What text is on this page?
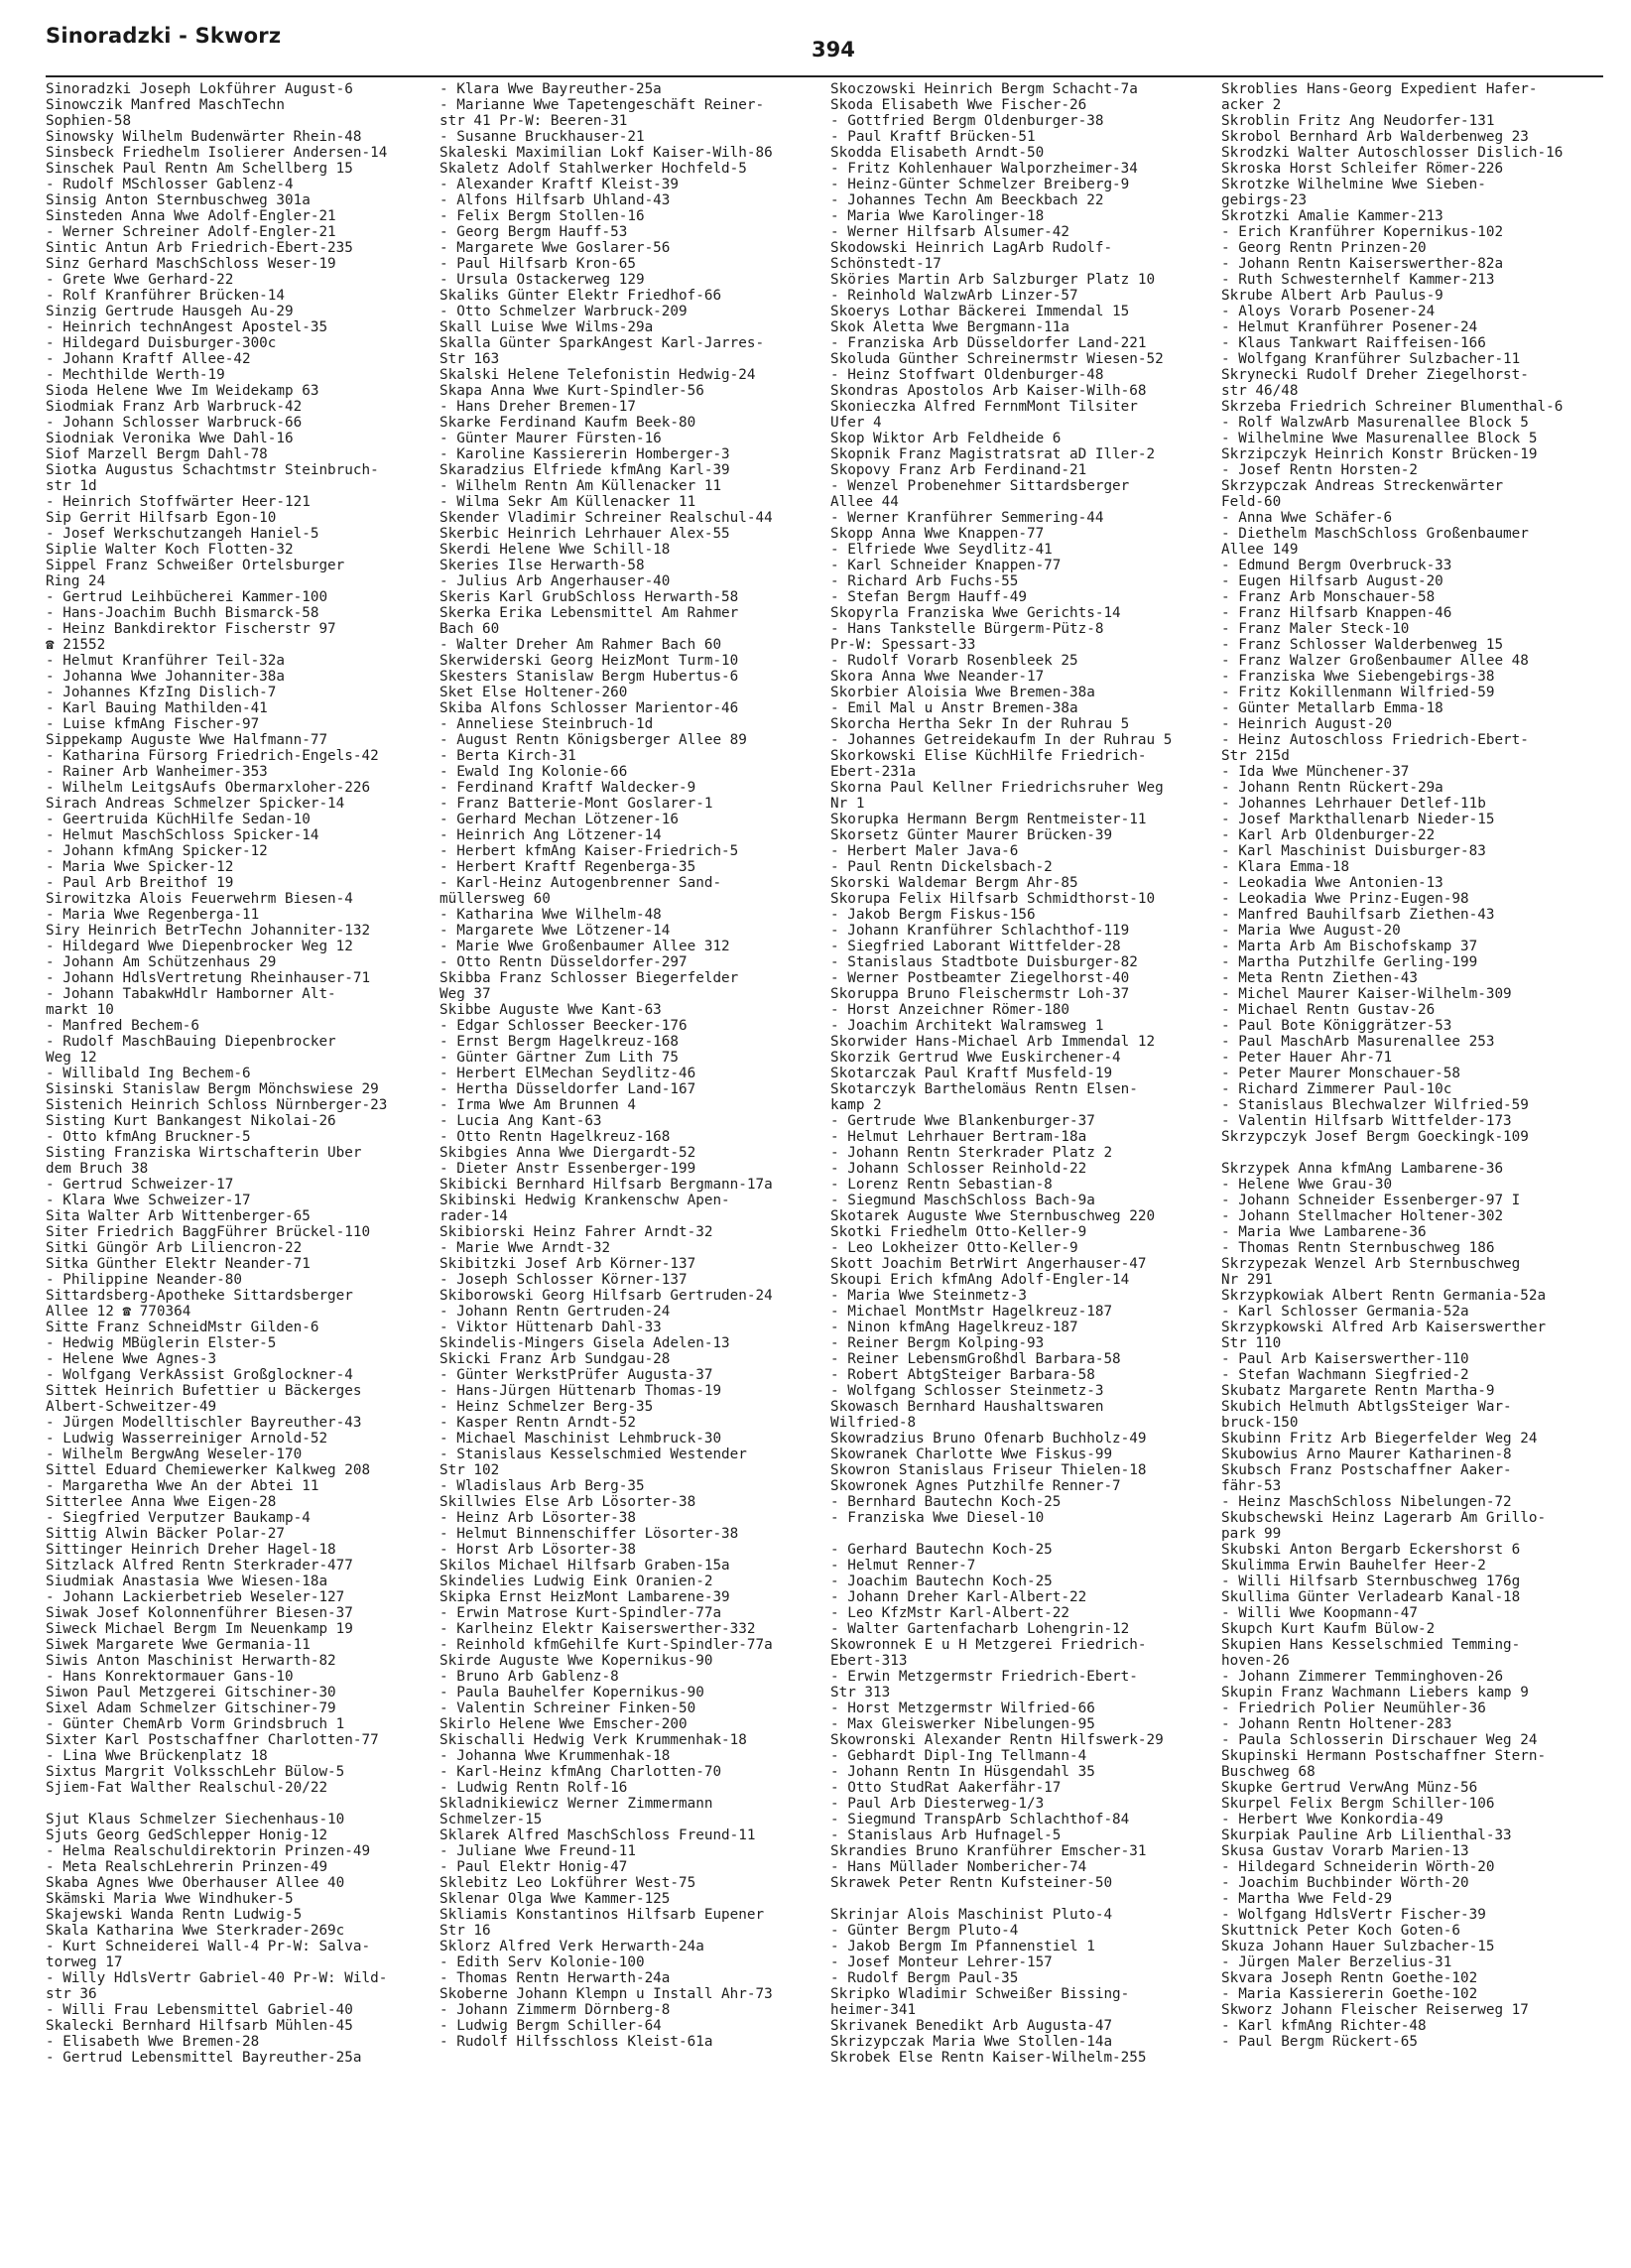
Sinoradzki - Skworz
394
Sinoradzki Joseph Lokführer August-6
Sinowczik Manfred MaschTechn
Sophien-58
Sinowsky Wilhelm Budenwärter Rhein-48
Sinsbeck Friedhelm Isolierer Andersen-14
Sinschek Paul Rentn Am Schellberg 15
- Rudolf MSchlosser Gablenz-4
Sinsig Anton Sternbuschweg 301a
Sinsteden Anna Wwe Adolf-Engler-21
- Werner Schreiner Adolf-Engler-21
Sintic Antun Arb Friedrich-Ebert-235
Sinz Gerhard MaschSchloss Weser-19
- Grete Wwe Gerhard-22
- Rolf Kranführer Brücken-14
Sinzig Gertrude Hausgeh Au-29
- Heinrich technAngest Apostel-35
- Hildegard Duisburger-300c
- Johann Kraftf Allee-42
- Mechthilde Werth-19
Sioda Helene Wwe Im Weidekamp 63
Siodmiak Franz Arb Warbruck-42
- Johann Schlosser Warbruck-66
Siodniak Veronika Wwe Dahl-16
Siof Marzell Bergm Dahl-78
Siotka Augustus Schachtmstr Steinbruch-
str 1d
- Heinrich Stoffwärter Heer-121
Sip Gerrit Hilfsarb Egon-10
- Josef Werkschutzangeh Haniel-5
Siplie Walter Koch Flotten-32
Sippel Franz Schweißer Ortelsburger
Ring 24
- Gertrud Leihbücherei Kammer-100
- Hans-Joachim Buchh Bismarck-58
- Heinz Bankdirektor Fischerstr 97
☎ 21552
- Helmut Kranführer Teil-32a
- Johanna Wwe Johanniter-38a
- Johannes KfzIng Dislich-7
- Karl Bauing Mathilden-41
- Luise kfmAng Fischer-97
Sippekamp Auguste Wwe Halfmann-77
- Katharina Fürsorg Friedrich-Engels-42
- Rainer Arb Wanheimer-353
- Wilhelm LeitgsAufs Obermarxloher-226
Sirach Andreas Schmelzer Spicker-14
- Geertruida KüchHilfe Sedan-10
- Helmut MaschSchloss Spicker-14
- Johann kfmAng Spicker-12
- Maria Wwe Spicker-12
- Paul Arb Breithof 19
Sirowitzka Alois Feuerwehrm Biesen-4
- Maria Wwe Regenberga-11
Siry Heinrich BetrTechn Johanniter-132
- Hildegard Wwe Diepenbrocker Weg 12
- Johann Am Schützenhaus 29
- Johann HdlsVertretung Rheinhauser-71
- Johann TabakwHdlr Hamborner Alt-
markt 10
- Manfred Bechem-6
- Rudolf MaschBauing Diepenbrocker
Weg 12
- Willibald Ing Bechem-6
Sisinski Stanislaw Bergm Mönchswiese 29
Sistenich Heinrich Schloss Nürnberger-23
Sisting Kurt Bankangest Nikolai-26
- Otto kfmAng Bruckner-5
Sisting Franziska Wirtschafterin Über
dem Bruch 38
- Gertrud Schweizer-17
- Klara Wwe Schweizer-17
Sita Walter Arb Wittenberger-65
Siter Friedrich BaggFührer Brückel-110
Sitki Güngör Arb Liliencron-22
Sitka Günther Elektr Neander-71
- Philippine Neander-80
Sittardsberg-Apotheke Sittardsberger
Allee 12 ☎ 770364
Sitte Franz SchneidMstr Gilden-6
- Hedwig MBüglerin Elster-5
- Helene Wwe Agnes-3
- Wolfgang VerkAssist Großglockner-4
Sittek Heinrich Bufettier u Bäckerges
Albert-Schweitzer-49
- Jürgen Modelltischler Bayreuther-43
- Ludwig Wasserreiniger Arnold-52
- Wilhelm BergwAng Weseler-170
Sittel Eduard Chemiewerker Kalkweg 208
- Margaretha Wwe An der Abtei 11
Sitterlee Anna Wwe Eigen-28
- Siegfried Verputzer Baukamp-4
Sittig Alwin Bäcker Polar-27
Sittinger Heinrich Dreher Hagel-18
Sitzlack Alfred Rentn Sterkrader-477
Siudmiak Anastasia Wwe Wiesen-18a
- Johann Lackierbetrieb Weseler-127
Siwak Josef Kolonnenführer Biesen-37
Siweck Michael Bergm Im Neuenkamp 19
Siwek Margarete Wwe Germania-11
Siwis Anton Maschinist Herwarth-82
- Hans Konrektormauer Gans-10
Siwon Paul Metzgerei Gitschiner-30
Sixel Adam Schmelzer Gitschiner-79
- Günter ChemArb Vorm Grindsbruch 1
Sixter Karl Postschaffner Charlotten-77
- Lina Wwe Brückenplatz 18
Sixtus Margrit VolksschLehr Bülow-5
Sjiem-Fat Walther Realschul-20/22
Sjut Klaus Schmelzer Siechenhaus-10
Sjuts Georg GedSchlepper Honig-12
- Helma Realschuldirektorin Prinzen-49
- Meta RealschLehrerin Prinzen-49
Skaba Agnes Wwe Oberhauser Allee 40
Skämski Maria Wwe Windhuker-5
Skajewski Wanda Rentn Ludwig-5
Skala Katharina Wwe Sterkrader-269c
- Kurt Schneiderei Wall-4 Pr-W: Salva-
torweg 17
- Willy HdlsVertr Gabriel-40 Pr-W: Wild-
str 36
- Willi Frau Lebensmittel Gabriel-40
Skalecki Bernhard Hilfsarb Mühlen-45
- Elisabeth Wwe Bremen-28
- Gertrud Lebensmittel Bayreuther-25a
- Klara Wwe Bayreuther-25a
- Marianne Wwe Tapetengeschäft Reiner-
str 41 Pr-W: Beeren-31
- Susanne Bruckhauser-21
Skaleski Maximilian Lokf Kaiser-Wilh-86
Skaletz Adolf Stahlwerker Hochfeld-5
- Alexander Kraftf Kleist-39
- Alfons Hilfsarb Uhland-43
- Felix Bergm Stollen-16
- Georg Bergm Hauff-53
- Margarete Wwe Goslarer-56
- Paul Hilfsarb Kron-65
- Ursula Ostackerweg 129
Skaliks Günter Elektr Friedhof-66
- Otto Schmelzer Warbruck-209
Skall Luise Wwe Wilms-29a
Skalla Günter SparkAngest Karl-Jarres-
Str 163
Skalski Helene Telefonistin Hedwig-24
Skapa Anna Wwe Kurt-Spindler-56
- Hans Dreher Bremen-17
Skarke Ferdinand Kaufm Beek-80
- Günter Maurer Fürsten-16
- Karoline Kassiererin Homberger-3
Skaradzius Elfriede kfmAng Karl-39
- Wilhelm Rentn Am Küllenacker 11
- Wilma Sekr Am Küllenacker 11
Skender Vladimir Schreiner Realschul-44
Skerbic Heinrich Lehrhauer Alex-55
Skerdi Helene Wwe Schill-18
Skeries Ilse Herwarth-58
- Julius Arb Angerhauser-40
Skeris Karl GrubSchloss Herwarth-58
Skerka Erika Lebensmittel Am Rahmer
Bach 60
- Walter Dreher Am Rahmer Bach 60
Skerwiderski Georg HeizMont Turm-10
Skesters Stanislaw Bergm Hubertus-6
Sket Else Holtener-260
Skiba Alfons Schlosser Marientor-46
- Anneliese Steinbruch-1d
- August Rentn Königsberger Allee 89
- Berta Kirch-31
- Ewald Ing Kolonie-66
- Ferdinand Kraftf Waldecker-9
- Franz Batterie-Mont Goslarer-1
- Gerhard Mechan Lötzener-16
- Heinrich Ang Lötzener-14
- Herbert kfmAng Kaiser-Friedrich-5
- Herbert Kraftf Regenberga-35
- Karl-Heinz Autogenbrenner Sand-
müllersweg 60
- Katharina Wwe Wilhelm-48
- Margarete Wwe Lötzener-14
- Marie Wwe Großenbaumer Allee 312
- Otto Rentn Düsseldorfer-297
Skibba Franz Schlosser Biegerfelder
Weg 37
Skibbe Auguste Wwe Kant-63
- Edgar Schlosser Beecker-176
- Ernst Bergm Hagelkreuz-168
- Günter Gärtner Zum Lith 75
- Herbert ElMechan Seydlitz-46
- Hertha Düsseldorfer Land-167
- Irma Wwe Am Brunnen 4
- Lucia Ang Kant-63
- Otto Rentn Hagelkreuz-168
Skibgies Anna Wwe Diergardt-52
- Dieter Anstr Essenberger-199
Skibicki Bernhard Hilfsarb Bergmann-17a
Skibinski Hedwig Krankenschw Apen-
rader-14
Skibiorski Heinz Fahrer Arndt-32
- Marie Wwe Arndt-32
Skibitzki Josef Arb Körner-137
- Joseph Schlosser Körner-137
Skiborowski Georg Hilfsarb Gertruden-24
- Johann Rentn Gertruden-24
- Viktor Hüttenarb Dahl-33
Skindelis-Mingers Gisela Adelen-13
Skicki Franz Arb Sundgau-28
- Günter WerkstPrüfer Augusta-37
- Hans-Jürgen Hüttenarb Thomas-19
- Heinz Schmelzer Berg-35
- Kasper Rentn Arndt-52
- Michael Maschinist Lehmbruck-30
- Stanislaus Kesselschmied Westender
Str 102
- Wladislaus Arb Berg-35
Skillwies Else Arb Lösorter-38
- Heinz Arb Lösorter-38
- Helmut Binnenschiffer Lösorter-38
- Horst Arb Lösorter-38
Skilos Michael Hilfsarb Graben-15a
Skindelies Ludwig Eink Oranien-2
Skipka Ernst HeizMont Lambarene-39
- Erwin Matrose Kurt-Spindler-77a
- Karlheinz Elektr Kaiserswerther-332
- Reinhold kfmGehilfe Kurt-Spindler-77a
Skirde Auguste Wwe Kopernikus-90
- Bruno Arb Gablenz-8
- Paula Bauhelfer Kopernikus-90
- Valentin Schreiner Finken-50
Skirlo Helene Wwe Emscher-200
Skischalli Hedwig Verk Krummenhak-18
- Johanna Wwe Krummenhak-18
- Karl-Heinz kfmAng Charlotten-70
- Ludwig Rentn Rolf-16
Skladnikiewicz Werner Zimmermann
Schmelzer-15
Sklarek Alfred MaschSchloss Freund-11
- Juliane Wwe Freund-11
- Paul Elektr Honig-47
Sklebitz Leo Lokführer West-75
Sklenar Olga Wwe Kammer-125
Skliamis Konstantinos Hilfsarb Eupener
Str 16
Sklorz Alfred Verk Herwarth-24a
- Edith Serv Kolonie-100
- Thomas Rentn Herwarth-24a
Skoberne Johann Klempn u Install Ahr-73
- Johann Zimmerm Dörnberg-8
- Ludwig Bergm Schiller-64
- Rudolf Hilfsschloss Kleist-61a
Skoczowski Heinrich Bergm Schacht-7a
Skoda Elisabeth Wwe Fischer-26
- Gottfried Bergm Oldenburger-38
- Paul Kraftf Brücken-51
Skodda Elisabeth Arndt-50
- Fritz Kohlenhauer Walporzheimer-34
- Heinz-Günter Schmelzer Breiberg-9
- Johannes Techn Am Beeckbach 22
- Maria Wwe Karolinger-18
- Werner Hilfsarb Alsumer-42
Skodowski Heinrich LagArb Rudolf-
Schönstedt-17
Sköries Martin Arb Salzburger Platz 10
- Reinhold WalzwArb Linzer-57
Skoerys Lothar Bäckerei Immendal 15
Skok Aletta Wwe Bergmann-11a
- Franziska Arb Düsseldorfer Land-221
Skoluda Günther Schreinermstr Wiesen-52
- Heinz Stoffwart Oldenburger-48
Skondras Apostolos Arb Kaiser-Wilh-68
Skonieczka Alfred FernmMont Tilsiter
Ufer 4
Skop Wiktor Arb Feldheide 6
Skopnik Franz Magistratsrat aD Iller-2
Skopovy Franz Arb Ferdinand-21
- Wenzel Probenehmer Sittardsberger
Allee 44
- Werner Kranführer Semmering-44
Skopp Anna Wwe Knappen-77
- Elfriede Wwe Seydlitz-41
- Karl Schneider Knappen-77
- Richard Arb Fuchs-55
- Stefan Bergm Hauff-49
Skopyrla Franziska Wwe Gerichts-14
- Hans Tankstelle Bürgerm-Pütz-8
Pr-W: Spessart-33
- Rudolf Vorarb Rosenbleek 25
Skora Anna Wwe Neander-17
Skorbier Aloisia Wwe Bremen-38a
- Emil Mal u Anstr Bremen-38a
Skorcha Hertha Sekr In der Ruhrau 5
- Johannes Getreidekaufm In der Ruhrau 5
Skorkowski Elise KüchHilfe Friedrich-
Ebert-231a
Skorna Paul Kellner Friedrichsruher Weg
Nr 1
Skorupka Hermann Bergm Rentmeister-11
Skorsetz Günter Maurer Brücken-39
- Herbert Maler Java-6
- Paul Rentn Dickelsbach-2
Skorski Waldemar Bergm Ahr-85
Skorupa Felix Hilfsarb Schmidthorst-10
- Jakob Bergm Fiskus-156
- Johann Kranführer Schlachthof-119
- Siegfried Laborant Wittfelder-28
- Stanislaus Stadtbote Duisburger-82
- Werner Postbeamter Ziegelhorst-40
Skoruppa Bruno Fleischermstr Loh-37
- Horst Anzeichner Römer-180
- Joachim Architekt Walramsweg 1
Skorwider Hans-Michael Arb Immendal 12
Skorzik Gertrud Wwe Euskirchener-4
Skotarczak Paul Kraftf Musfeld-19
Skotarczyk Barthelomäus Rentn Elsen-
kamp 2
- Gertrude Wwe Blankenburger-37
- Helmut Lehrhauer Bertram-18a
- Johann Rentn Sterkrader Platz 2
- Johann Schlosser Reinhold-22
- Lorenz Rentn Sebastian-8
- Siegmund MaschSchloss Bach-9a
Skotarek Auguste Wwe Sternbuschweg 220
Skotki Friedhelm Otto-Keller-9
- Leo Lokheizer Otto-Keller-9
Skott Joachim BetrWirt Angerhauser-47
Skoupi Erich kfmAng Adolf-Engler-14
- Maria Wwe Steinmetz-3
- Michael MontMstr Hagelkreuz-187
- Ninon kfmAng Hagelkreuz-187
- Reiner Bergm Kolping-93
- Reiner LebensmGroßhdl Barbara-58
- Robert AbtgSteiger Barbara-58
- Wolfgang Schlosser Steinmetz-3
Skowasch Bernhard Haushaltswaren
Wilfried-8
Skowradzius Bruno Ofenarb Buchholz-49
Skowranek Charlotte Wwe Fiskus-99
Skowron Stanislaus Friseur Thielen-18
Skowronek Agnes Putzhilfe Renner-7
- Bernhard Bautechn Koch-25
- Franziska Wwe Diesel-10
- Gerhard Bautechn Koch-25
- Helmut Renner-7
- Joachim Bautechn Koch-25
- Johann Dreher Karl-Albert-22
- Leo KfzMstr Karl-Albert-22
- Walter Gartenfacharb Lohengrin-12
Skowronnek E u H Metzgerei Friedrich-
Ebert-313
- Erwin Metzgermstr Friedrich-Ebert-
Str 313
- Horst Metzgermstr Wilfried-66
- Max Gleiswerker Nibelungen-95
Skowronski Alexander Rentn Hilfswerk-29
- Gebhardt Dipl-Ing Tellmann-4
- Johann Rentn In Hüsgendahl 35
- Otto StudRat Aakerfähr-17
- Paul Arb Diesterweg-1/3
- Siegmund TranspArb Schlachthof-84
- Stanislaus Arb Hufnagel-5
Skrandies Bruno Kranführer Emscher-31
- Hans Müllader Nombericher-74
Skrawek Peter Rentn Kufsteiner-50
Skrinjar Alois Maschinist Pluto-4
- Günter Bergm Pluto-4
- Jakob Bergm Im Pfannenstiel 1
- Josef Monteur Lehrer-157
- Rudolf Bergm Paul-35
Skripko Wladimir Schweißer Bissing-
heimer-341
Skrivanek Benedikt Arb Augusta-47
Skrizypczak Maria Wwe Stollen-14a
Skrobek Else Rentn Kaiser-Wilhelm-255
Skroblies Hans-Georg Expedient Hafer-
acker 2
Skroblin Fritz Ang Neudorfer-131
Skrobol Bernhard Arb Walderbenweg 23
Skrodzki Walter Autoschlosser Dislich-16
Skroska Horst Schleifer Römer-226
Skrotzke Wilhelmine Wwe Sieben-
gebirgs-23
Skrotzki Amalie Kammer-213
- Erich Kranführer Kopernikus-102
- Georg Rentn Prinzen-20
- Johann Rentn Kaiserswerther-82a
- Ruth Schwesternhelf Kammer-213
Skrube Albert Arb Paulus-9
- Aloys Vorarb Posener-24
- Helmut Kranführer Posener-24
- Klaus Tankwart Raiffeisen-166
- Wolfgang Kranführer Sulzbacher-11
Skrynecki Rudolf Dreher Ziegelhorst-
str 46/48
Skrzeba Friedrich Schreiner Blumenthal-6
- Rolf WalzwArb Masurenallee Block 5
- Wilhelmine Wwe Masurenallee Block 5
Skrzipczyk Heinrich Konstr Brücken-19
- Josef Rentn Horsten-2
Skrzypczak Andreas Streckenwärter
Feld-60
- Anna Wwe Schäfer-6
- Diethelm MaschSchloss Großenbaumer
Allee 149
- Edmund Bergm Overbruck-33
- Eugen Hilfsarb August-20
- Franz Arb Monschauer-58
- Franz Hilfsarb Knappen-46
- Franz Maler Steck-10
- Franz Schlosser Walderbenweg 15
- Franz Walzer Großenbaumer Allee 48
- Franziska Wwe Siebengebirgs-38
- Fritz Kokillenmann Wilfried-59
- Günter Metallarb Emma-18
- Heinrich August-20
- Heinz Autoschloss Friedrich-Ebert-
Str 215d
- Ida Wwe Münchener-37
- Johann Rentn Rückert-29a
- Johannes Lehrhauer Detlef-11b
- Josef Markthallenarb Nieder-15
- Karl Arb Oldenburger-22
- Karl Maschinist Duisburger-83
- Klara Emma-18
- Leokadia Wwe Antonien-13
- Leokadia Wwe Prinz-Eugen-98
- Manfred Bauhilfsarb Ziethen-43
- Maria Wwe August-20
- Marta Arb Am Bischofskamp 37
- Martha Putzhilfe Gerling-199
- Meta Rentn Ziethen-43
- Michel Maurer Kaiser-Wilhelm-309
- Michael Rentn Gustav-26
- Paul Bote Königgrätzer-53
- Paul MaschArb Masurenallee 253
- Peter Hauer Ahr-71
- Peter Maurer Monschauer-58
- Richard Zimmerer Paul-10c
- Stanislaus Blechwalzer Wilfried-59
- Valentin Hilfsarb Wittfelder-173
Skrzypczyk Josef Bergm Goeckingk-109
Skrzypek Anna kfmAng Lambarene-36
- Helene Wwe Grau-30
- Johann Schneider Essenberger-97 I
- Johann Stellmacher Holtener-302
- Maria Wwe Lambarene-36
- Thomas Rentn Sternbuschweg 186
Skrzypezak Wenzel Arb Sternbuschweg
Nr 291
Skrzypkowiak Albert Rentn Germania-52a
- Karl Schlosser Germania-52a
Skrzypkowski Alfred Arb Kaiserswerther
Str 110
- Paul Arb Kaiserswerther-110
- Stefan Wachmann Siegfried-2
Skubatz Margarete Rentn Martha-9
Skubich Helmuth AbtlgsSteiger War-
bruck-150
Skubinn Fritz Arb Biegerfelder Weg 24
Skubowius Arno Maurer Katharinen-8
Skubsch Franz Postschaffner Aaker-
fähr-53
- Heinz MaschSchloss Nibelungen-72
Skubschewski Heinz Lagerarb Am Grillo-
park 99
Skubski Anton Bergarb Eckershorst 6
Skulimma Erwin Bauhelfer Heer-2
- Willi Hilfsarb Sternbuschweg 176g
Skullima Günter Verladearb Kanal-18
- Willi Wwe Koopmann-47
Skupch Kurt Kaufm Bülow-2
Skupien Hans Kesselschmied Temming-
hoven-26
- Johann Zimmerer Temminghoven-26
Skupin Franz Wachmann Liebers kamp 9
- Friedrich Polier Neumühler-36
- Johann Rentn Holtener-283
- Paula Schlosserin Dirschauer Weg 24
Skupinski Hermann Postschaffner Stern-
Buschweg 68
Skupke Gertrud VerwAng Münz-56
Skurpel Felix Bergm Schiller-106
- Herbert Wwe Konkordia-49
Skurpiak Pauline Arb Lilienthal-33
Skusa Gustav Vorarb Marien-13
- Hildegard Schneiderin Wörth-20
- Joachim Buchbinder Wörth-20
- Martha Wwe Feld-29
- Wolfgang HdlsVertr Fischer-39
Skuttnick Peter Koch Goten-6
Skuza Johann Hauer Sulzbacher-15
- Jürgen Maler Berzelius-31
Skvara Joseph Rentn Goethe-102
- Maria Kassiererin Goethe-102
Skworz Johann Fleischer Reiserweg 17
- Karl kfmAng Richter-48
- Paul Bergm Rückert-65
